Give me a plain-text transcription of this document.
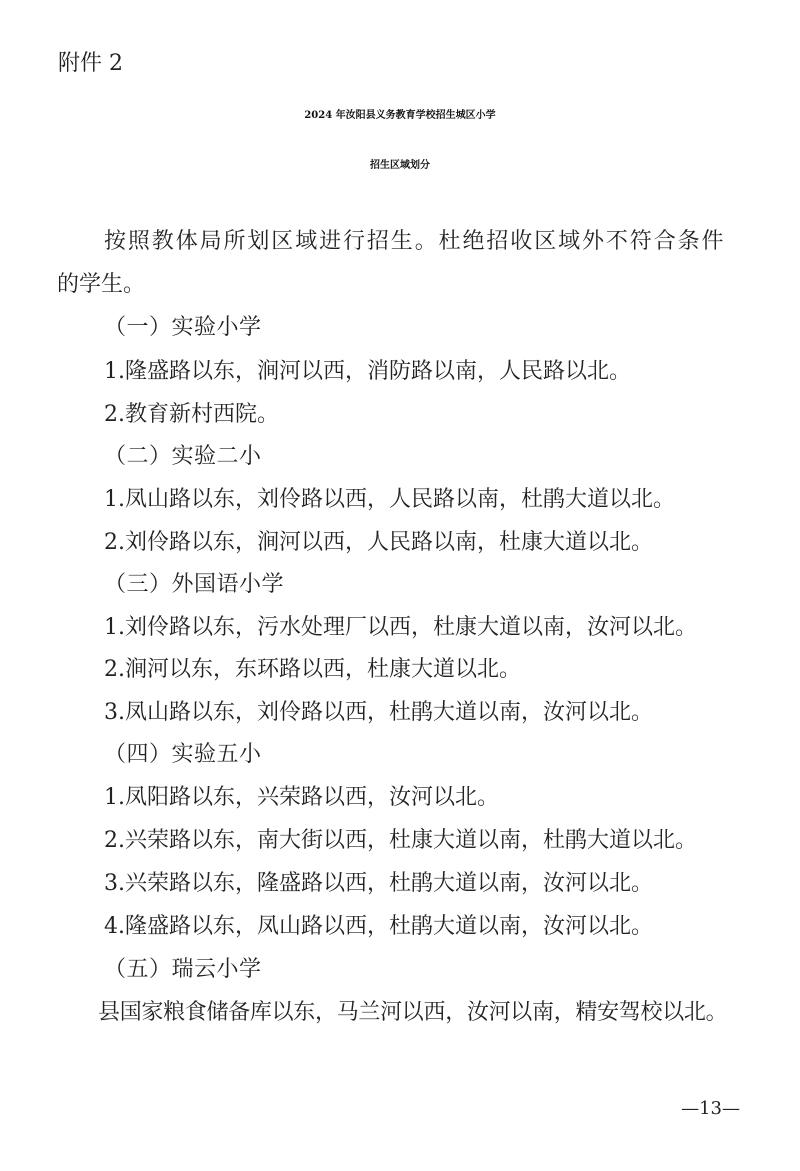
附件 2
2024 年汝阳县义务教育学校招生城区小学
招生区域划分
按照教体局所划区域进行招生。杜绝招收区域外不符合条件
的学生。
（一）实验小学
1.隆盛路以东，涧河以西，消防路以南，人民路以北。
2.教育新村西院。
（二）实验二小
1.凤山路以东，刘伶路以西，人民路以南，杜鹃大道以北。
2.刘伶路以东，涧河以西，人民路以南，杜康大道以北。
（三）外国语小学
1.刘伶路以东，污水处理厂以西，杜康大道以南，汝河以北。
2.涧河以东，东环路以西，杜康大道以北。
3.凤山路以东，刘伶路以西，杜鹃大道以南，汝河以北。
（四）实验五小
1.凤阳路以东，兴荣路以西，汝河以北。
2.兴荣路以东，南大街以西，杜康大道以南，杜鹃大道以北。
3.兴荣路以东，隆盛路以西，杜鹃大道以南，汝河以北。
4.隆盛路以东，凤山路以西，杜鹃大道以南，汝河以北。
（五）瑞云小学
县国家粮食储备库以东，马兰河以西，汝河以南，精安驾校以北。
—13—
